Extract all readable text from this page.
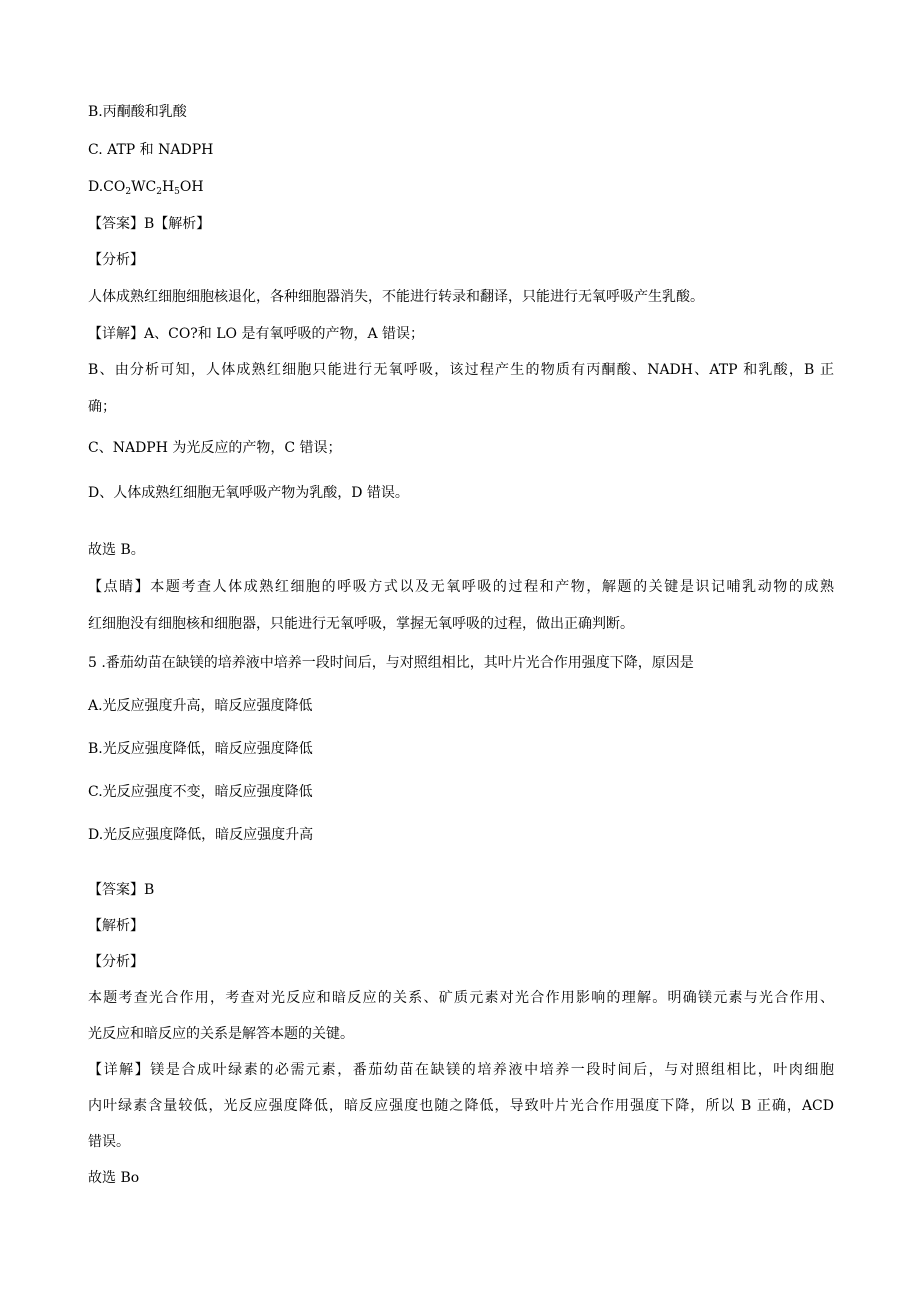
B.丙酮酸和乳酸
C. ATP 和 NADPH
$D.CO_2WC_2H_5OH$
【答案】B【解析】
【分析】
人体成熟红细胞细胞核退化，各种细胞器消失，不能进行转录和翻译，只能进行无氧呼吸产生乳酸。
【详解】A、CO?和 LO 是有氧呼吸的产物，A 错误；
B、由分析可知，人体成熟红细胞只能进行无氧呼吸，该过程产生的物质有丙酮酸、NADH、ATP 和乳酸，B 正
确；
C、NADPH 为光反应的产物，C 错误；
D、人体成熟红细胞无氧呼吸产物为乳酸，D 错误。
故选 B。
【点睛】本题考查人体成熟红细胞的呼吸方式以及无氧呼吸的过程和产物，解题的关键是识记哺乳动物的成熟
红细胞没有细胞核和细胞器，只能进行无氧呼吸，掌握无氧呼吸的过程，做出正确判断。
5 .番茄幼苗在缺镁的培养液中培养一段时间后，与对照组相比，其叶片光合作用强度下降，原因是
A.光反应强度升高，暗反应强度降低
B.光反应强度降低，暗反应强度降低
C.光反应强度不变，暗反应强度降低
D.光反应强度降低，暗反应强度升高
【答案】B
【解析】
【分析】
本题考查光合作用，考查对光反应和暗反应的关系、矿质元素对光合作用影响的理解。明确镁元素与光合作用、
光反应和暗反应的关系是解答本题的关键。
【详解】镁是合成叶绿素的必需元素，番茄幼苗在缺镁的培养液中培养一段时间后，与对照组相比，叶肉细胞
内叶绿素含量较低，光反应强度降低，暗反应强度也随之降低，导致叶片光合作用强度下降，所以 B 正确，ACD
错误。
故选 Bo
